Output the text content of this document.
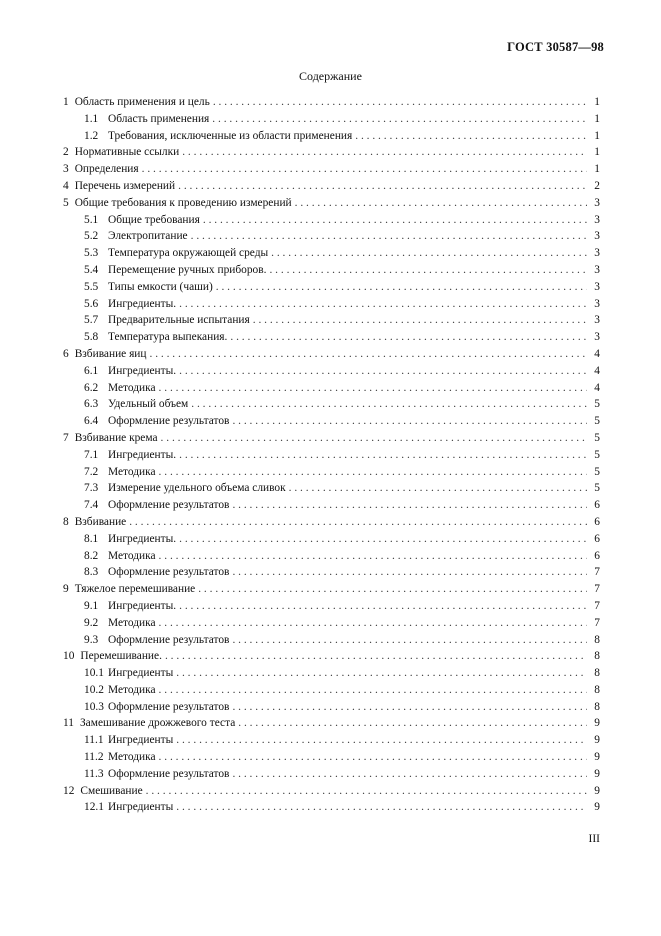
ГОСТ 30587—98
Содержание
1 Область применения и цель . . .	1
1.1 Область применения . . .	1
1.2 Требования, исключенные из области применения . . .	1
2 Нормативные ссылки . . .	1
3 Определения . . .	1
4 Перечень измерений . . .	2
5 Общие требования к проведению измерений . . .	3
5.1 Общие требования . . .	3
5.2 Электропитание . . .	3
5.3 Температура окружающей среды . . .	3
5.4 Перемещение ручных приборов. . . .	3
5.5 Типы емкости (чаши) . . .	3
5.6 Ингредиенты. . . .	3
5.7 Предварительные испытания . . .	3
5.8 Температура выпекания. . . .	3
6 Взбивание яиц . . .	4
6.1 Ингредиенты. . . .	4
6.2 Методика . . .	4
6.3 Удельный объем . . .	5
6.4 Оформление результатов . . .	5
7 Взбивание крема . . .	5
7.1 Ингредиенты. . . .	5
7.2 Методика . . .	5
7.3 Измерение удельного объема сливок . . .	5
7.4 Оформление результатов . . .	6
8 Взбивание . . .	6
8.1 Ингредиенты. . . .	6
8.2 Методика . . .	6
8.3 Оформление результатов . . .	7
9 Тяжелое перемешивание . . .	7
9.1 Ингредиенты. . . .	7
9.2 Методика . . .	7
9.3 Оформление результатов . . .	8
10 Перемешивание. . . .	8
10.1 Ингредиенты . . .	8
10.2 Методика . . .	8
10.3 Оформление результатов . . .	8
11 Замешивание дрожжевого теста . . .	9
11.1 Ингредиенты . . .	9
11.2 Методика . . .	9
11.3 Оформление результатов . . .	9
12 Смешивание . . .	9
12.1 Ингредиенты . . .	9
III
